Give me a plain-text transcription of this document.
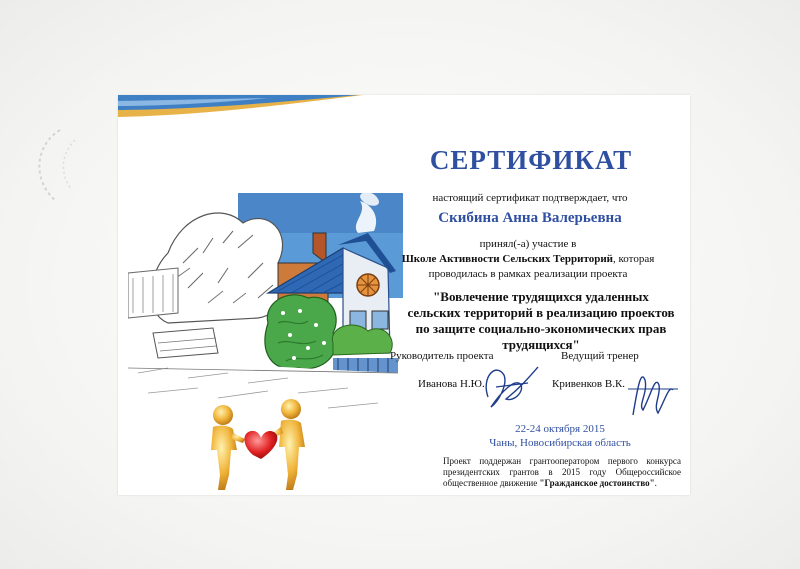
СЕРТИФИКАТ
настоящий сертификат подтверждает, что
Скибина Анна Валерьевна
принял(-а) участие в
Школе Активности Сельских Территорий, которая
проводилась в рамках реализации проекта
"Вовлечение трудящихся удаленных сельских территорий в реализацию проектов по защите социально-экономических прав трудящихся"
Руководитель проекта	Ведущий тренер
Иванова Н.Ю.	Кривенков В.К.
22-24 октября 2015
Чаны, Новосибирская область
Проект поддержан грантооператором первого конкурса президентских грантов в 2015 году Общероссийское общественное движение "Гражданское достоинство".
